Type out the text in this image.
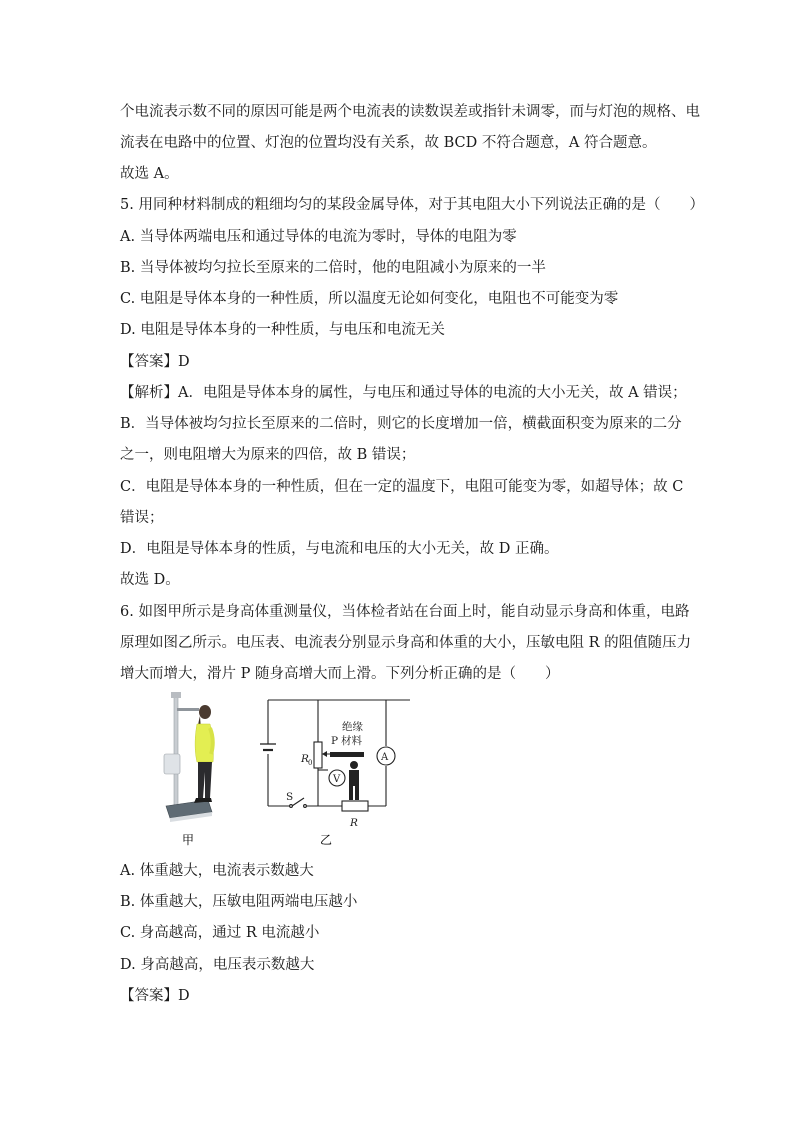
个电流表示数不同的原因可能是两个电流表的读数误差或指针未调零，而与灯泡的规格、电
流表在电路中的位置、灯泡的位置均没有关系，故 BCD 不符合题意，A 符合题意。
故选 A。
5. 用同种材料制成的粗细均匀的某段金属导体，对于其电阻大小下列说法正确的是（　　）
A. 当导体两端电压和通过导体的电流为零时，导体的电阻为零
B. 当导体被均匀拉长至原来的二倍时，他的电阻减小为原来的一半
C. 电阻是导体本身的一种性质，所以温度无论如何变化，电阻也不可能变为零
D. 电阻是导体本身的一种性质，与电压和电流无关
【答案】D
【解析】A．电阻是导体本身的属性，与电压和通过导体的电流的大小无关，故 A 错误；
B．当导体被均匀拉长至原来的二倍时，则它的长度增加一倍，横截面积变为原来的二分
之一，则电阻增大为原来的四倍，故 B 错误；
C．电阻是导体本身的一种性质，但在一定的温度下，电阻可能变为零，如超导体；故 C
错误；
D．电阻是导体本身的性质，与电流和电压的大小无关，故 D 正确。
故选 D。
6. 如图甲所示是身高体重测量仪，当体检者站在台面上时，能自动显示身高和体重，电路
原理如图乙所示。电压表、电流表分别显示身高和体重的大小，压敏电阻 R 的阻值随压力
增大而增大，滑片 P 随身高增大而上滑。下列分析正确的是（　　）
甲
绝缘
材料
P
A
V
S
R
R 0
乙
A. 体重越大，电流表示数越大
B. 体重越大，压敏电阻两端电压越小
C. 身高越高，通过 R 电流越小
D. 身高越高，电压表示数越大
【答案】D
